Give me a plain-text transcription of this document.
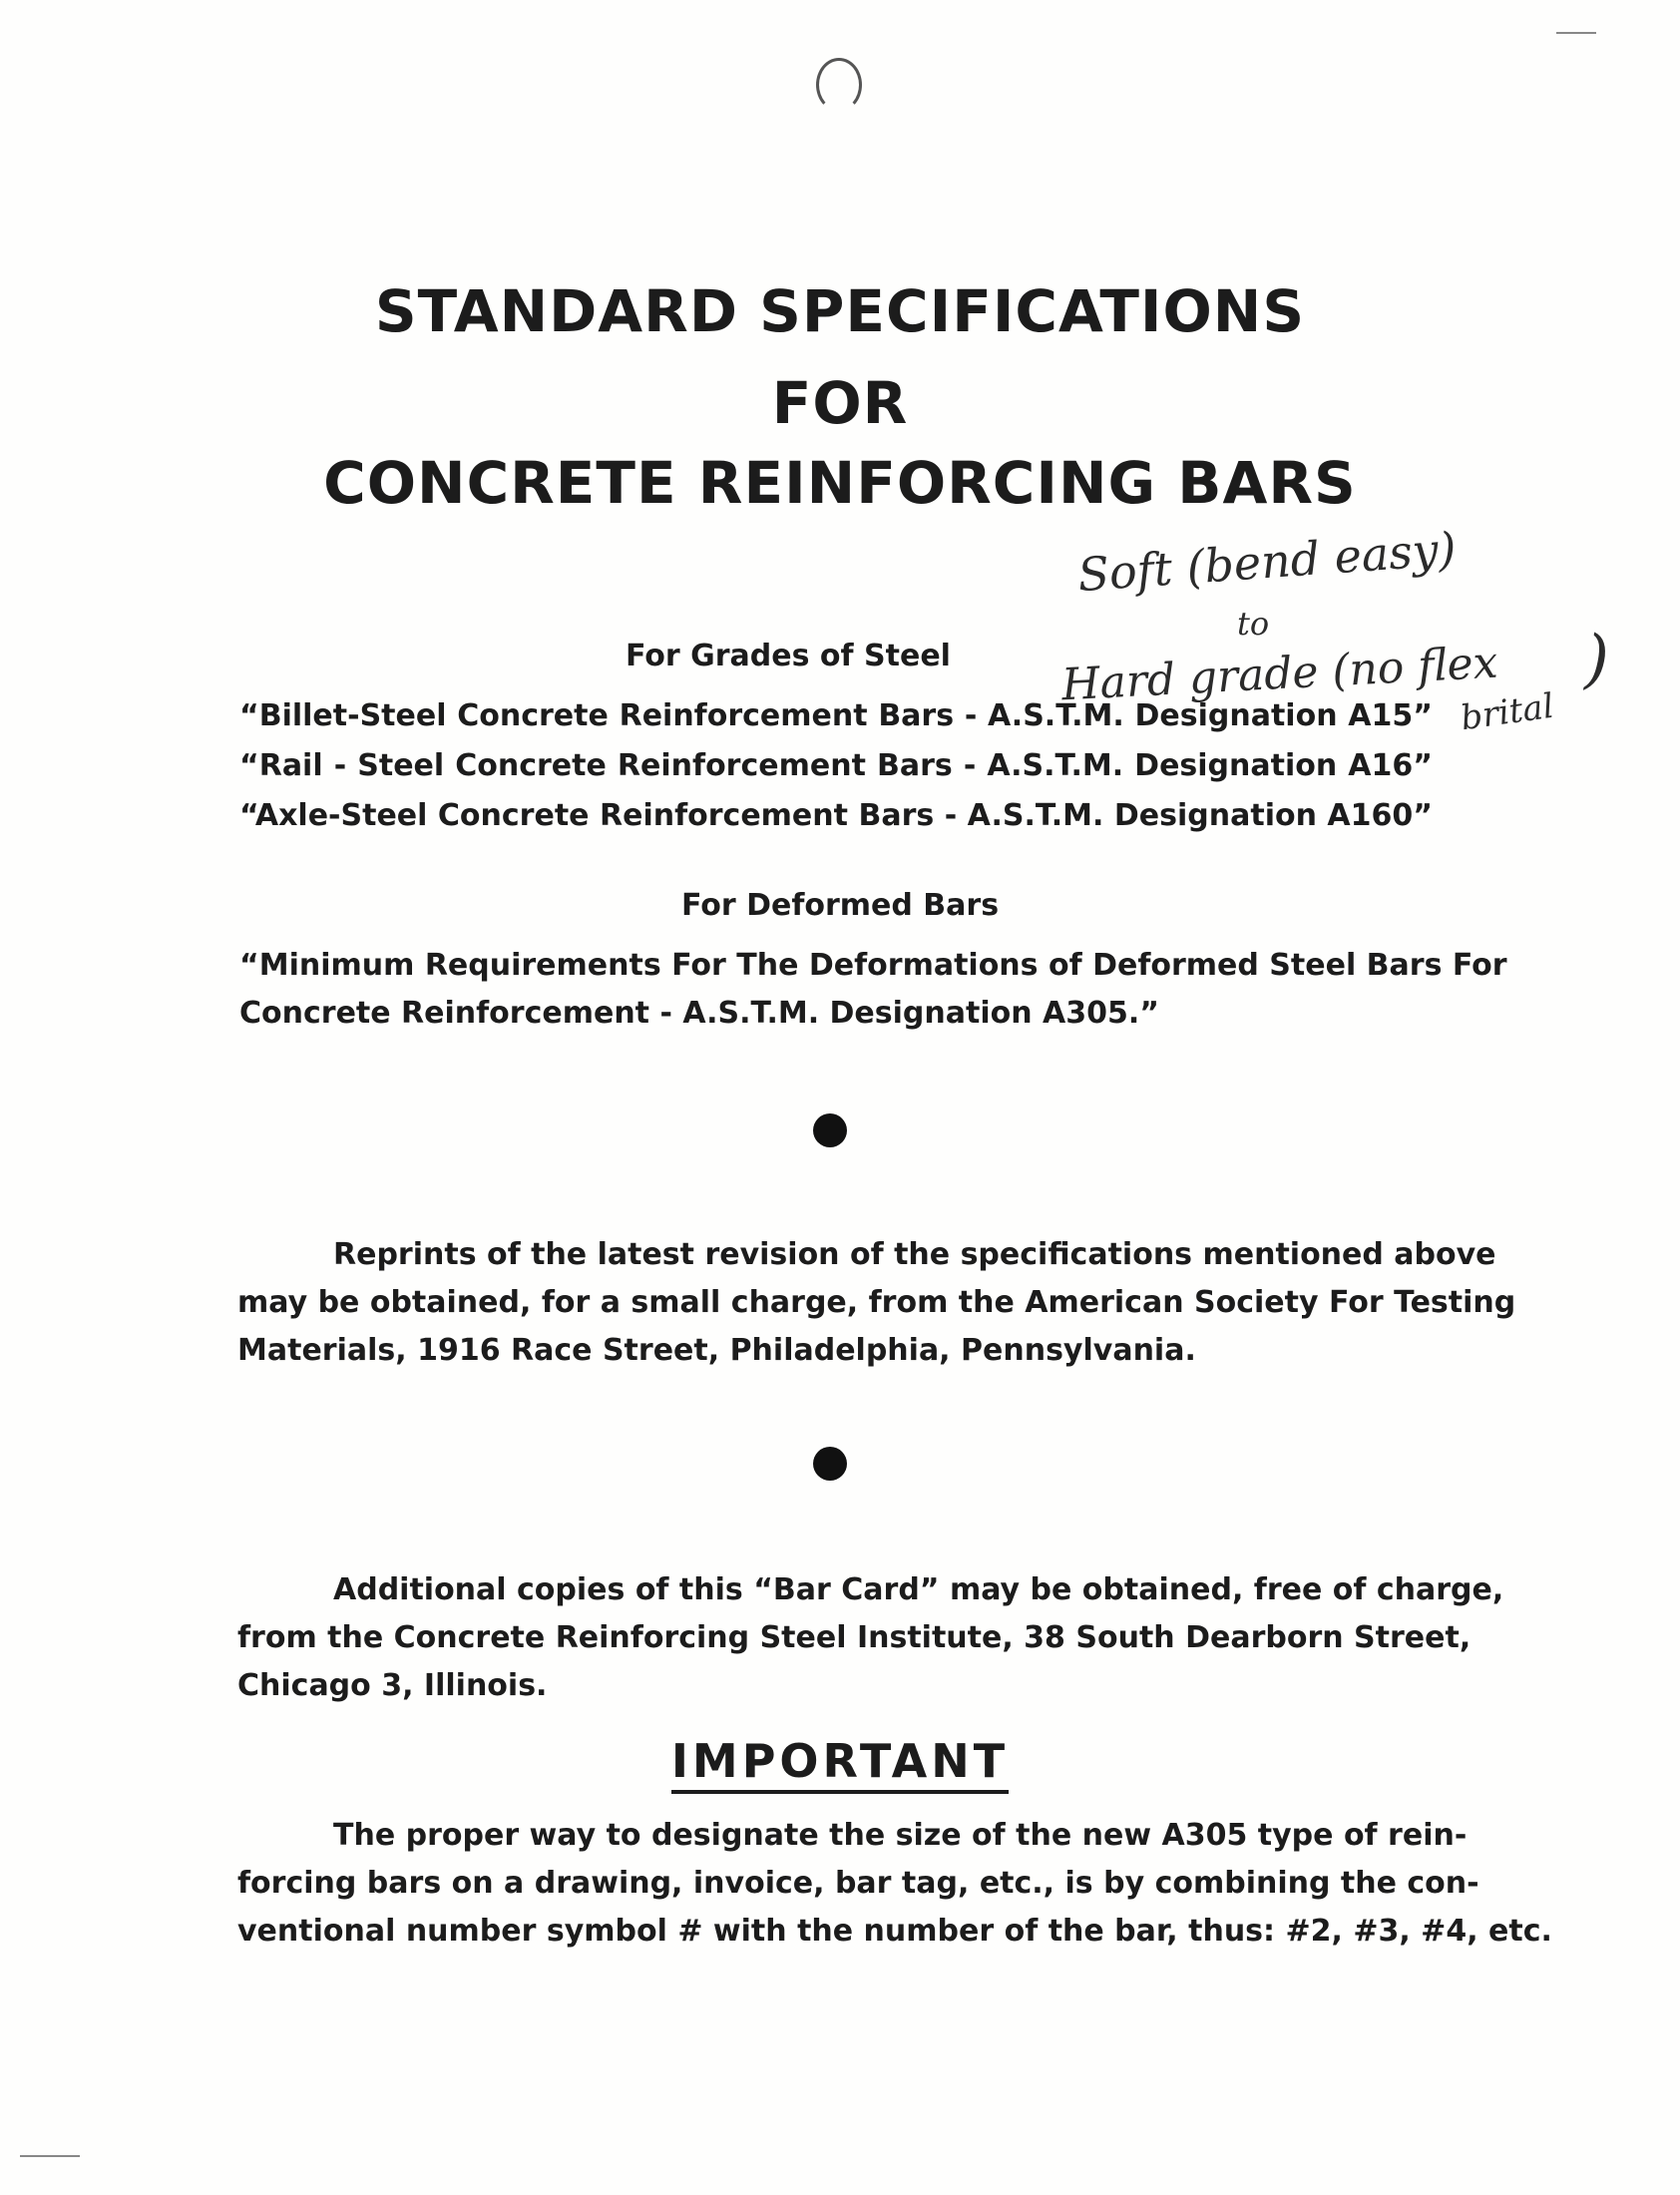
STANDARD SPECIFICATIONS
FOR
CONCRETE REINFORCING BARS
Soft (bend easy)
to
Hard grade (no flex )
brital
For Grades of Steel
“Billet-Steel Concrete Reinforcement Bars - A.S.T.M. Designation A15”
“Rail - Steel Concrete Reinforcement Bars - A.S.T.M. Designation A16”
“Axle-Steel Concrete Reinforcement Bars - A.S.T.M. Designation A160”
For Deformed Bars
“Minimum Requirements For The Deformations of Deformed Steel Bars For
Concrete Reinforcement - A.S.T.M. Designation A305.”
Reprints of the latest revision of the specifications mentioned above
may be obtained, for a small charge, from the American Society For Testing
Materials, 1916 Race Street, Philadelphia, Pennsylvania.
Additional copies of this “Bar Card” may be obtained, free of charge,
from the Concrete Reinforcing Steel Institute, 38 South Dearborn Street,
Chicago 3, Illinois.
IMPORTANT
The proper way to designate the size of the new A305 type of rein-
forcing bars on a drawing, invoice, bar tag, etc., is by combining the con-
ventional number symbol # with the number of the bar, thus: #2, #3, #4, etc.
